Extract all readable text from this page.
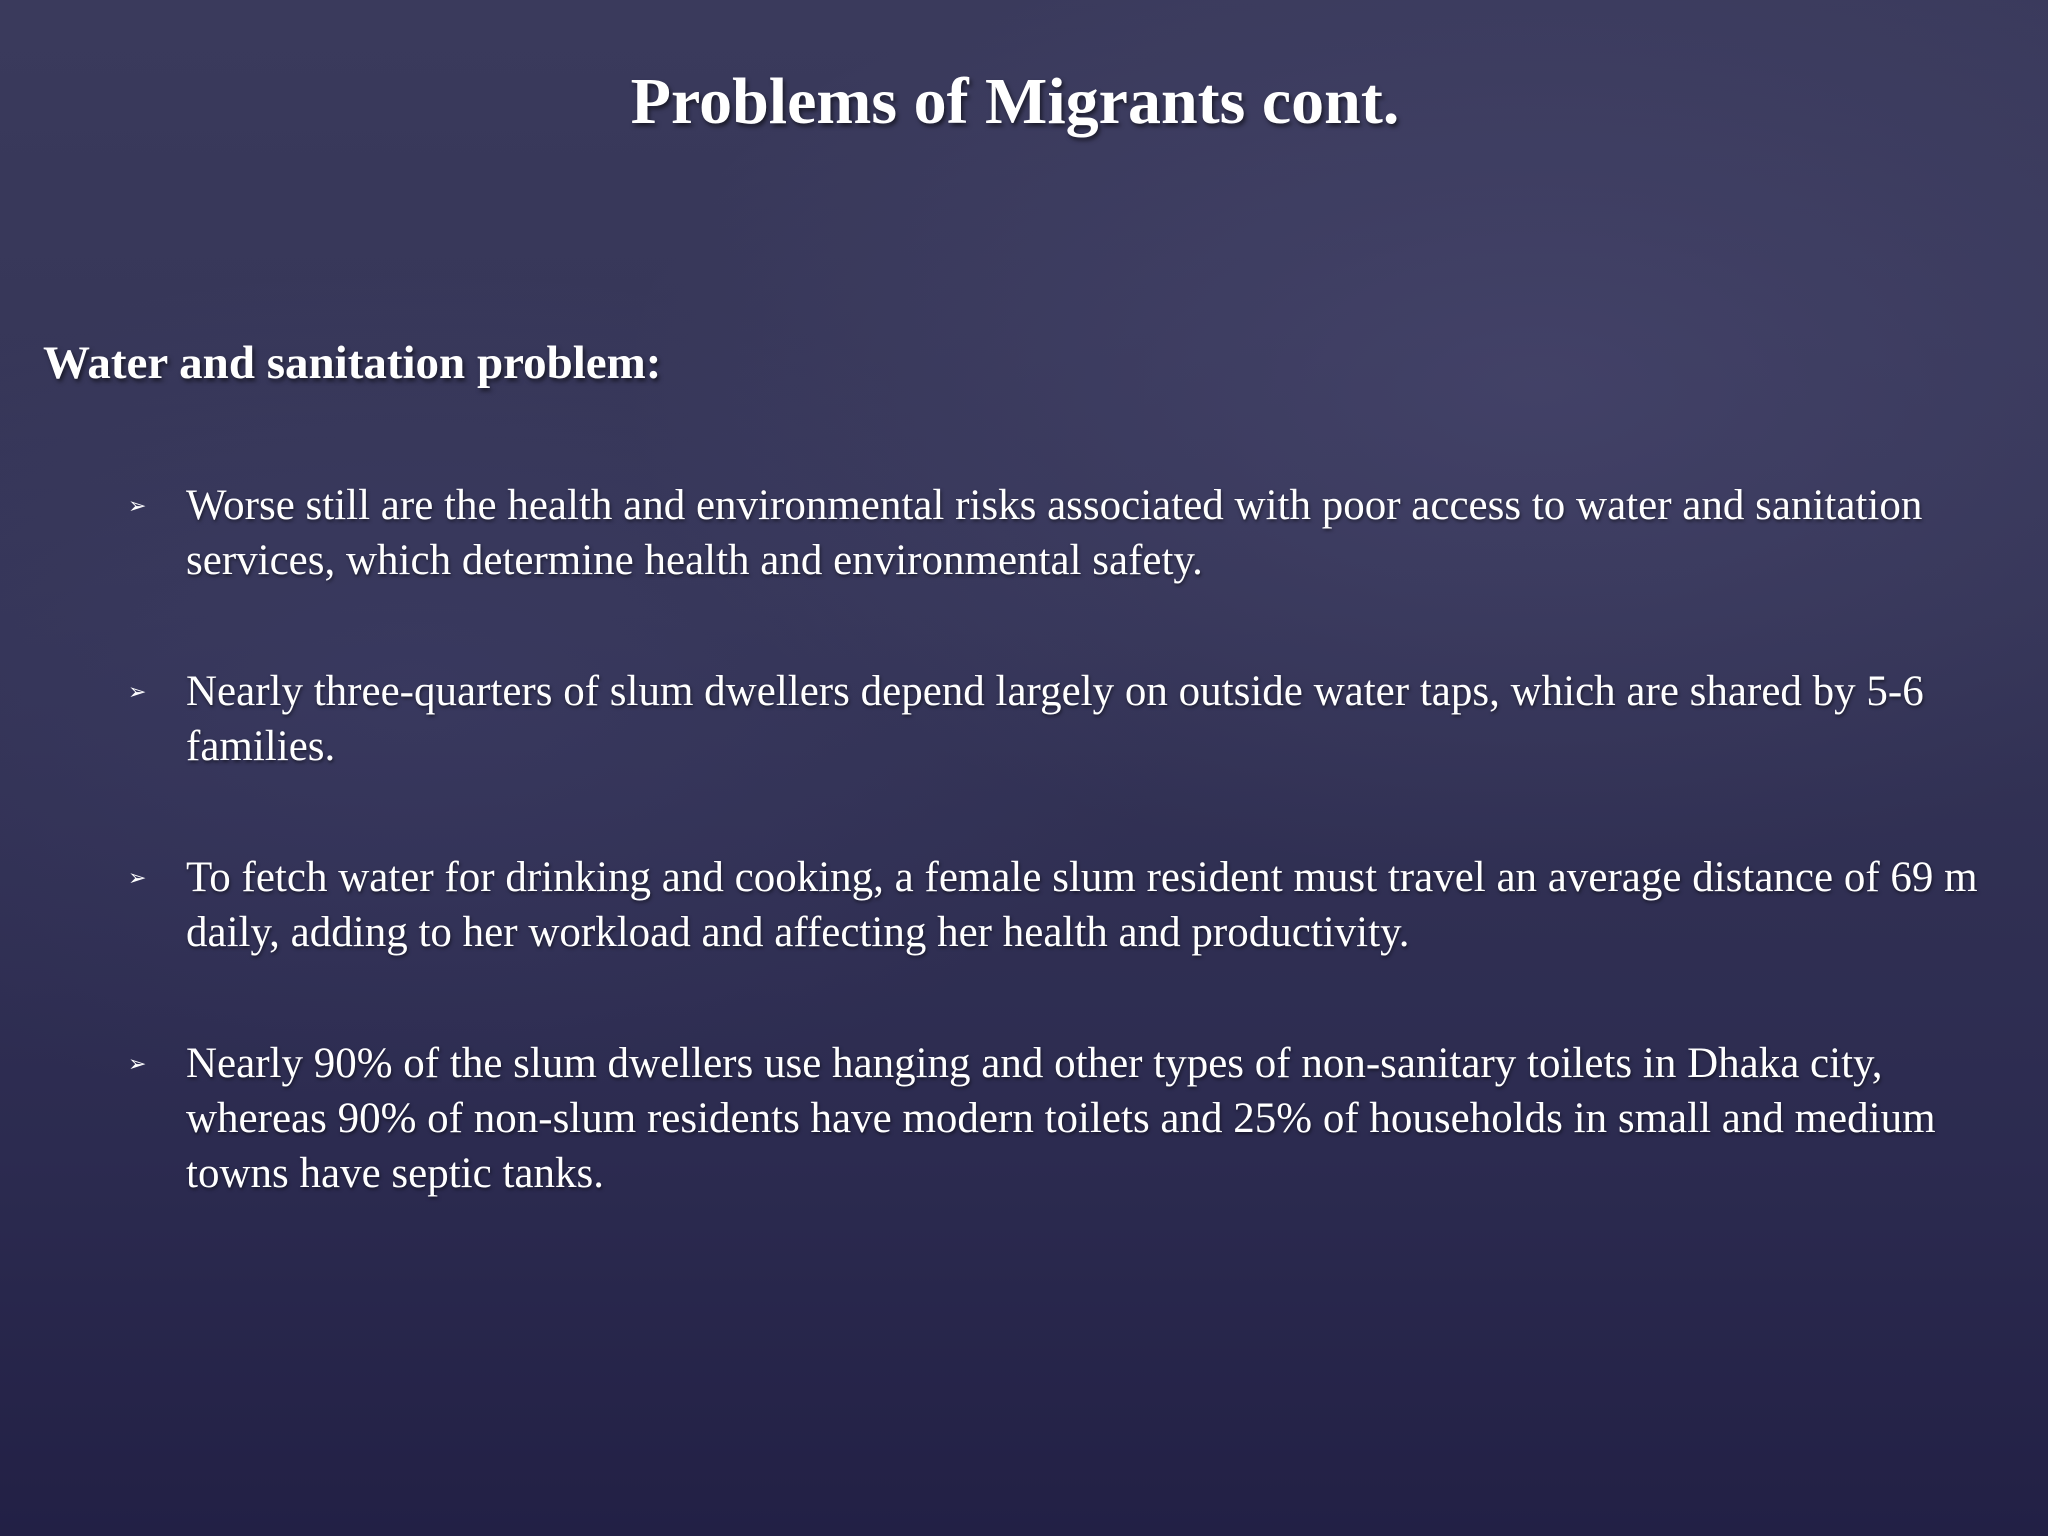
Problems of Migrants cont.
Water and sanitation problem:
➢ Worse still are the health and environmental risks associated with poor access to water and sanitation services, which determine health and environmental safety.
➢ Nearly three-quarters of slum dwellers depend largely on outside water taps, which are shared by 5-6 families.
➢ To fetch water for drinking and cooking, a female slum resident must travel an average distance of 69 m daily, adding to her workload and affecting her health and productivity.
➢ Nearly 90% of the slum dwellers use hanging and other types of non-sanitary toilets in Dhaka city, whereas 90% of non-slum residents have modern toilets and 25% of households in small and medium towns have septic tanks.
